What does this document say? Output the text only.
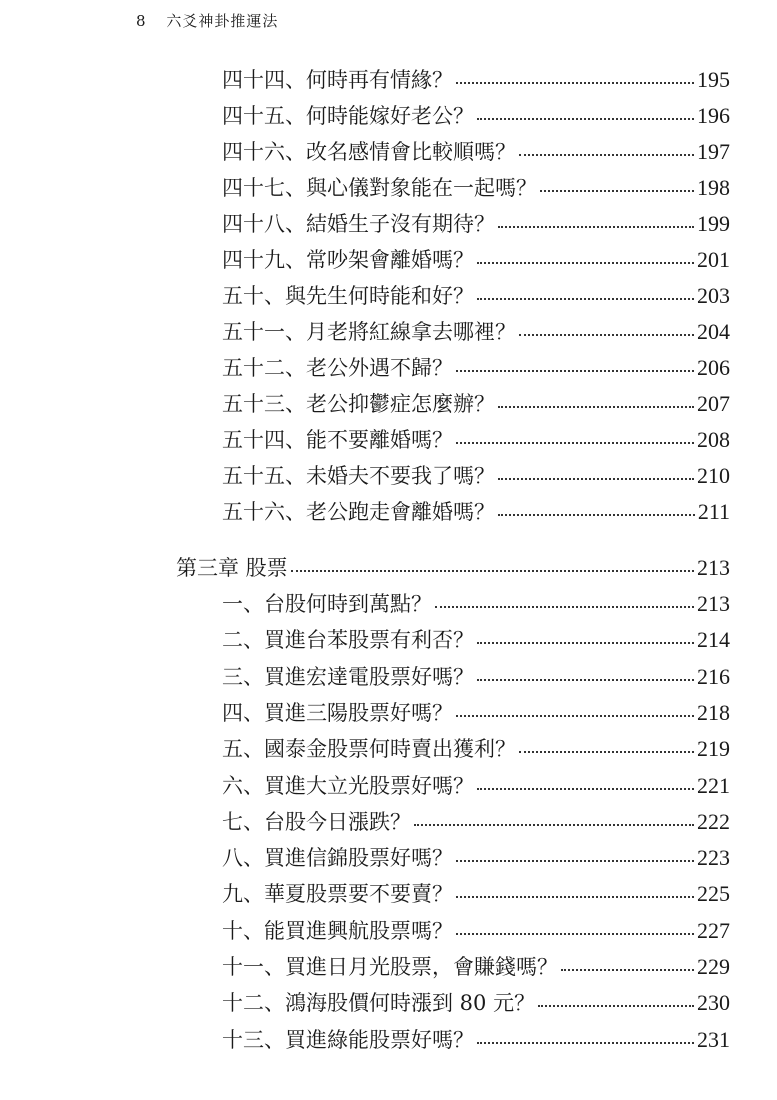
8 六爻神卦推運法
四十四、何時再有情緣？	195
四十五、何時能嫁好老公？	196
四十六、改名感情會比較順嗎？	197
四十七、與心儀對象能在一起嗎？	198
四十八、結婚生子沒有期待？	199
四十九、常吵架會離婚嗎？	201
五十、與先生何時能和好？	203
五十一、月老將紅線拿去哪裡？	204
五十二、老公外遇不歸？	206
五十三、老公抑鬱症怎麼辦？	207
五十四、能不要離婚嗎？	208
五十五、未婚夫不要我了嗎？	210
五十六、老公跑走會離婚嗎？	211
第三章 股票	213
一、台股何時到萬點？	213
二、買進台苯股票有利否？	214
三、買進宏達電股票好嗎？	216
四、買進三陽股票好嗎？	218
五、國泰金股票何時賣出獲利？	219
六、買進大立光股票好嗎？	221
七、台股今日漲跌？	222
八、買進信錦股票好嗎？	223
九、華夏股票要不要賣？	225
十、能買進興航股票嗎？	227
十一、買進日月光股票，會賺錢嗎？	229
十二、鴻海股價何時漲到 80 元？	230
十三、買進綠能股票好嗎？	231
